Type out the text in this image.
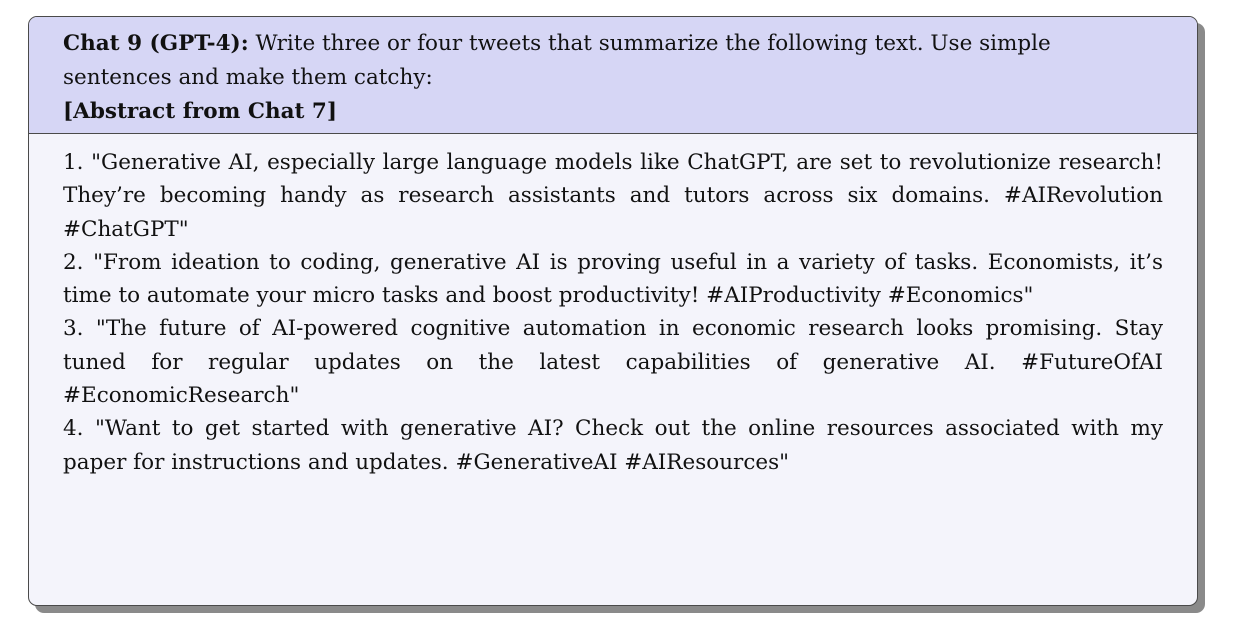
Chat 9 (GPT-4): Write three or four tweets that summarize the following text. Use simple sentences and make them catchy:
[Abstract from Chat 7]

1. "Generative AI, especially large language models like ChatGPT, are set to revolutionize research! They’re becoming handy as research assistants and tutors across six domains. #AIRevolution #ChatGPT"

2. "From ideation to coding, generative AI is proving useful in a variety of tasks. Economists, it’s time to automate your micro tasks and boost productivity! #AIProductivity #Economics"

3. "The future of AI-powered cognitive automation in economic research looks promising. Stay tuned for regular updates on the latest capabilities of generative AI. #FutureOfAI #EconomicResearch"

4. "Want to get started with generative AI? Check out the online resources associated with my paper for instructions and updates. #GenerativeAI #AIResources"
